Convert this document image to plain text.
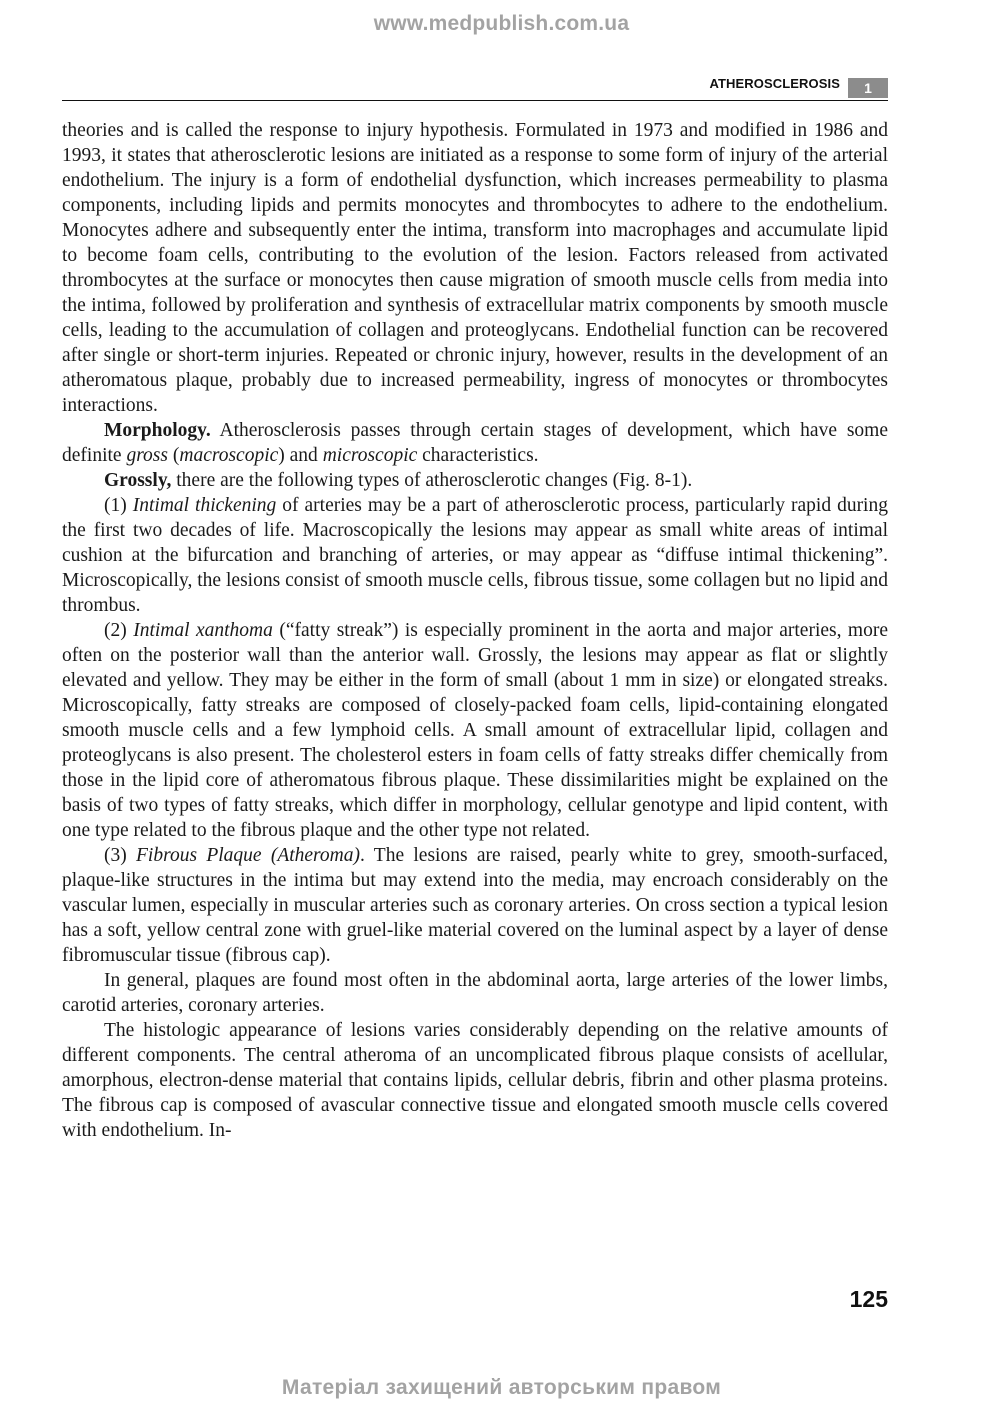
www.medpublish.com.ua
ATHEROSCLEROSIS	1

theories and is called the response to injury hypothesis. Formulated in 1973 and modified in 1986 and 1993, it states that atherosclerotic lesions are initiated as a response to some form of injury of the arterial endothelium. The injury is a form of endothelial dysfunction, which increases permeability to plasma components, including lipids and permits monocytes and thrombocytes to adhere to the endothelium. Monocytes adhere and subsequently enter the intima, transform into macrophages and accumulate lipid to become foam cells, contributing to the evolution of the lesion. Factors released from activated thrombocytes at the surface or monocytes then cause migration of smooth muscle cells from media into the intima, followed by proliferation and synthesis of extracellular matrix components by smooth muscle cells, leading to the accumulation of collagen and proteoglycans. Endothelial function can be recovered after single or short-term injuries. Repeated or chronic injury, however, results in the development of an atheromatous plaque, probably due to increased permeability, ingress of monocytes or thrombocytes interactions.

Morphology. Atherosclerosis passes through certain stages of development, which have some definite gross (macroscopic) and microscopic characteristics.

Grossly, there are the following types of atherosclerotic changes (Fig. 8-1).

(1) Intimal thickening of arteries may be a part of atherosclerotic process, particularly rapid during the first two decades of life. Macroscopically the lesions may appear as small white areas of intimal cushion at the bifurcation and branching of arteries, or may appear as “diffuse intimal thickening”. Microscopically, the lesions consist of smooth muscle cells, fibrous tissue, some collagen but no lipid and thrombus.

(2) Intimal xanthoma (“fatty streak”) is especially prominent in the aorta and major arteries, more often on the posterior wall than the anterior wall. Grossly, the lesions may appear as flat or slightly elevated and yellow. They may be either in the form of small (about 1 mm in size) or elongated streaks. Microscopically, fatty streaks are composed of closely-packed foam cells, lipid-containing elongated smooth muscle cells and a few lymphoid cells. A small amount of extracellular lipid, collagen and proteoglycans is also present. The cholesterol esters in foam cells of fatty streaks differ chemically from those in the lipid core of atheromatous fibrous plaque. These dissimilarities might be explained on the basis of two types of fatty streaks, which differ in morphology, cellular genotype and lipid content, with one type related to the fibrous plaque and the other type not related.

(3) Fibrous Plaque (Atheroma). The lesions are raised, pearly white to grey, smooth-surfaced, plaque-like structures in the intima but may extend into the media, may encroach considerably on the vascular lumen, especially in muscular arteries such as coronary arteries. On cross section a typical lesion has a soft, yellow central zone with gruel-like material covered on the luminal aspect by a layer of dense fibromuscular tissue (fibrous cap).

In general, plaques are found most often in the abdominal aorta, large arteries of the lower limbs, carotid arteries, coronary arteries.

The histologic appearance of lesions varies considerably depending on the relative amounts of different components. The central atheroma of an uncomplicated fibrous plaque consists of acellular, amorphous, electron-dense material that contains lipids, cellular debris, fibrin and other plasma proteins. The fibrous cap is composed of avascular connective tissue and elongated smooth muscle cells covered with endothelium. In-

125
Матеріал захищений авторським правом
